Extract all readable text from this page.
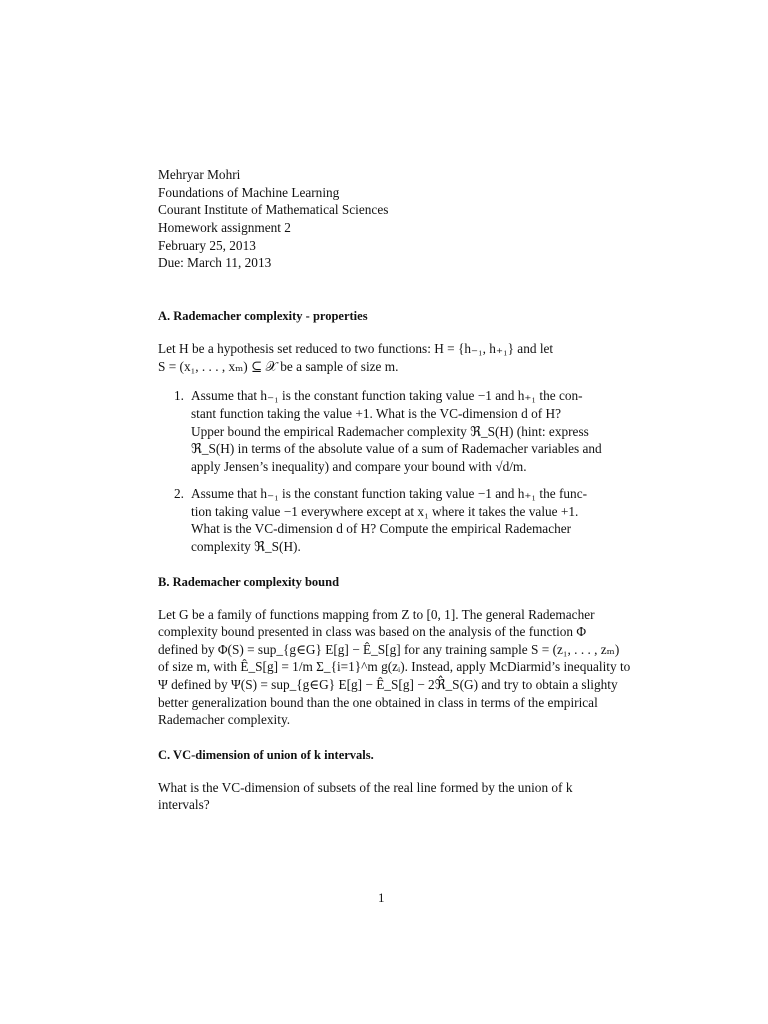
Mehryar Mohri
Foundations of Machine Learning
Courant Institute of Mathematical Sciences
Homework assignment 2
February 25, 2013
Due: March 11, 2013
A. Rademacher complexity - properties
Let H be a hypothesis set reduced to two functions: H = {h₋₁, h₊₁} and let
S = (x₁, . . . , xₘ) ⊆ 𝒳 be a sample of size m.
1. Assume that h₋₁ is the constant function taking value −1 and h₊₁ the con-
stant function taking the value +1. What is the VC-dimension d of H?
Upper bound the empirical Rademacher complexity ℜ_S(H) (hint: express
ℜ_S(H) in terms of the absolute value of a sum of Rademacher variables and
apply Jensen’s inequality) and compare your bound with √d/m.
2. Assume that h₋₁ is the constant function taking value −1 and h₊₁ the func-
tion taking value −1 everywhere except at x₁ where it takes the value +1.
What is the VC-dimension d of H? Compute the empirical Rademacher
complexity ℜ_S(H).
B. Rademacher complexity bound
Let G be a family of functions mapping from Z to [0, 1]. The general Rademacher
complexity bound presented in class was based on the analysis of the function Φ
defined by Φ(S) = sup_{g∈G} E[g] − Ê_S[g] for any training sample S = (z₁, . . . , zₘ)
of size m, with Ê_S[g] = 1/m Σ_{i=1}^m g(zᵢ). Instead, apply McDiarmid’s inequality to
Ψ defined by Ψ(S) = sup_{g∈G} E[g] − Ê_S[g] − 2ℜ̂_S(G) and try to obtain a slighty
better generalization bound than the one obtained in class in terms of the empirical
Rademacher complexity.
C. VC-dimension of union of k intervals.
What is the VC-dimension of subsets of the real line formed by the union of k
intervals?
1
